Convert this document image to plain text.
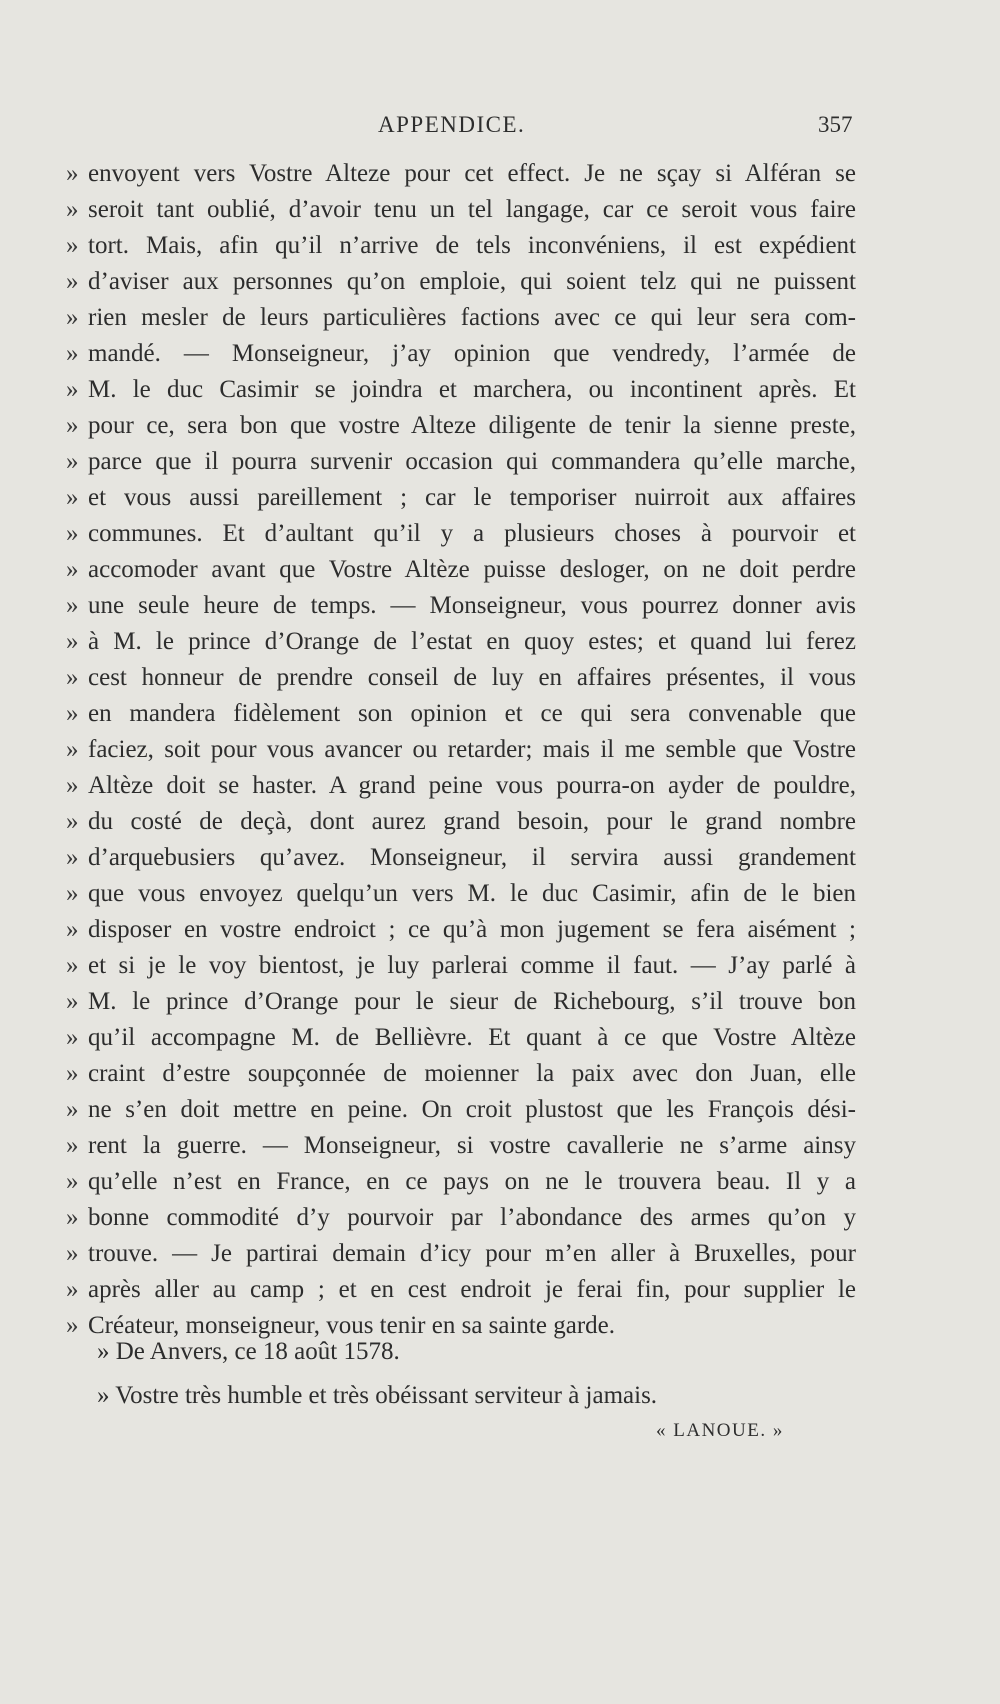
APPENDICE.	357
» envoyent vers Vostre Alteze pour cet effect. Je ne sçay si Alféran se
» seroit tant oublié, d’avoir tenu un tel langage, car ce seroit vous faire
» tort. Mais, afin qu’il n’arrive de tels inconvéniens, il est expédient
» d’aviser aux personnes qu’on emploie, qui soient telz qui ne puissent
» rien mesler de leurs particulières factions avec ce qui leur sera com-
» mandé. — Monseigneur, j’ay opinion que vendredy, l’armée de
» M. le duc Casimir se joindra et marchera, ou incontinent après. Et
» pour ce, sera bon que vostre Alteze diligente de tenir la sienne preste,
» parce que il pourra survenir occasion qui commandera qu’elle marche,
» et vous aussi pareillement ; car le temporiser nuirroit aux affaires
» communes. Et d’aultant qu’il y a plusieurs choses à pourvoir et
» accomoder avant que Vostre Altèze puisse desloger, on ne doit perdre
» une seule heure de temps. — Monseigneur, vous pourrez donner avis
» à M. le prince d’Orange de l’estat en quoy estes; et quand lui ferez
» cest honneur de prendre conseil de luy en affaires présentes, il vous
» en mandera fidèlement son opinion et ce qui sera convenable que
» faciez, soit pour vous avancer ou retarder; mais il me semble que Vostre
» Altèze doit se haster. A grand peine vous pourra-on ayder de pouldre,
» du costé de deçà, dont aurez grand besoin, pour le grand nombre
» d’arquebusiers qu’avez. Monseigneur, il servira aussi grandement
» que vous envoyez quelqu’un vers M. le duc Casimir, afin de le bien
» disposer en vostre endroict ; ce qu’à mon jugement se fera aisément ;
» et si je le voy bientost, je luy parlerai comme il faut. — J’ay parlé à
» M. le prince d’Orange pour le sieur de Richebourg, s’il trouve bon
» qu’il accompagne M. de Bellièvre. Et quant à ce que Vostre Altèze
» craint d’estre soupçonnée de moienner la paix avec don Juan, elle
» ne s’en doit mettre en peine. On croit plustost que les François dési-
» rent la guerre. — Monseigneur, si vostre cavallerie ne s’arme ainsy
» qu’elle n’est en France, en ce pays on ne le trouvera beau. Il y a
» bonne commodité d’y pourvoir par l’abondance des armes qu’on y
» trouve. — Je partirai demain d’icy pour m’en aller à Bruxelles, pour
» après aller au camp ; et en cest endroit je ferai fin, pour supplier le
» Créateur, monseigneur, vous tenir en sa sainte garde.
» De Anvers, ce 18 août 1578.
» Vostre très humble et très obéissant serviteur à jamais.
« LANOUE. »
